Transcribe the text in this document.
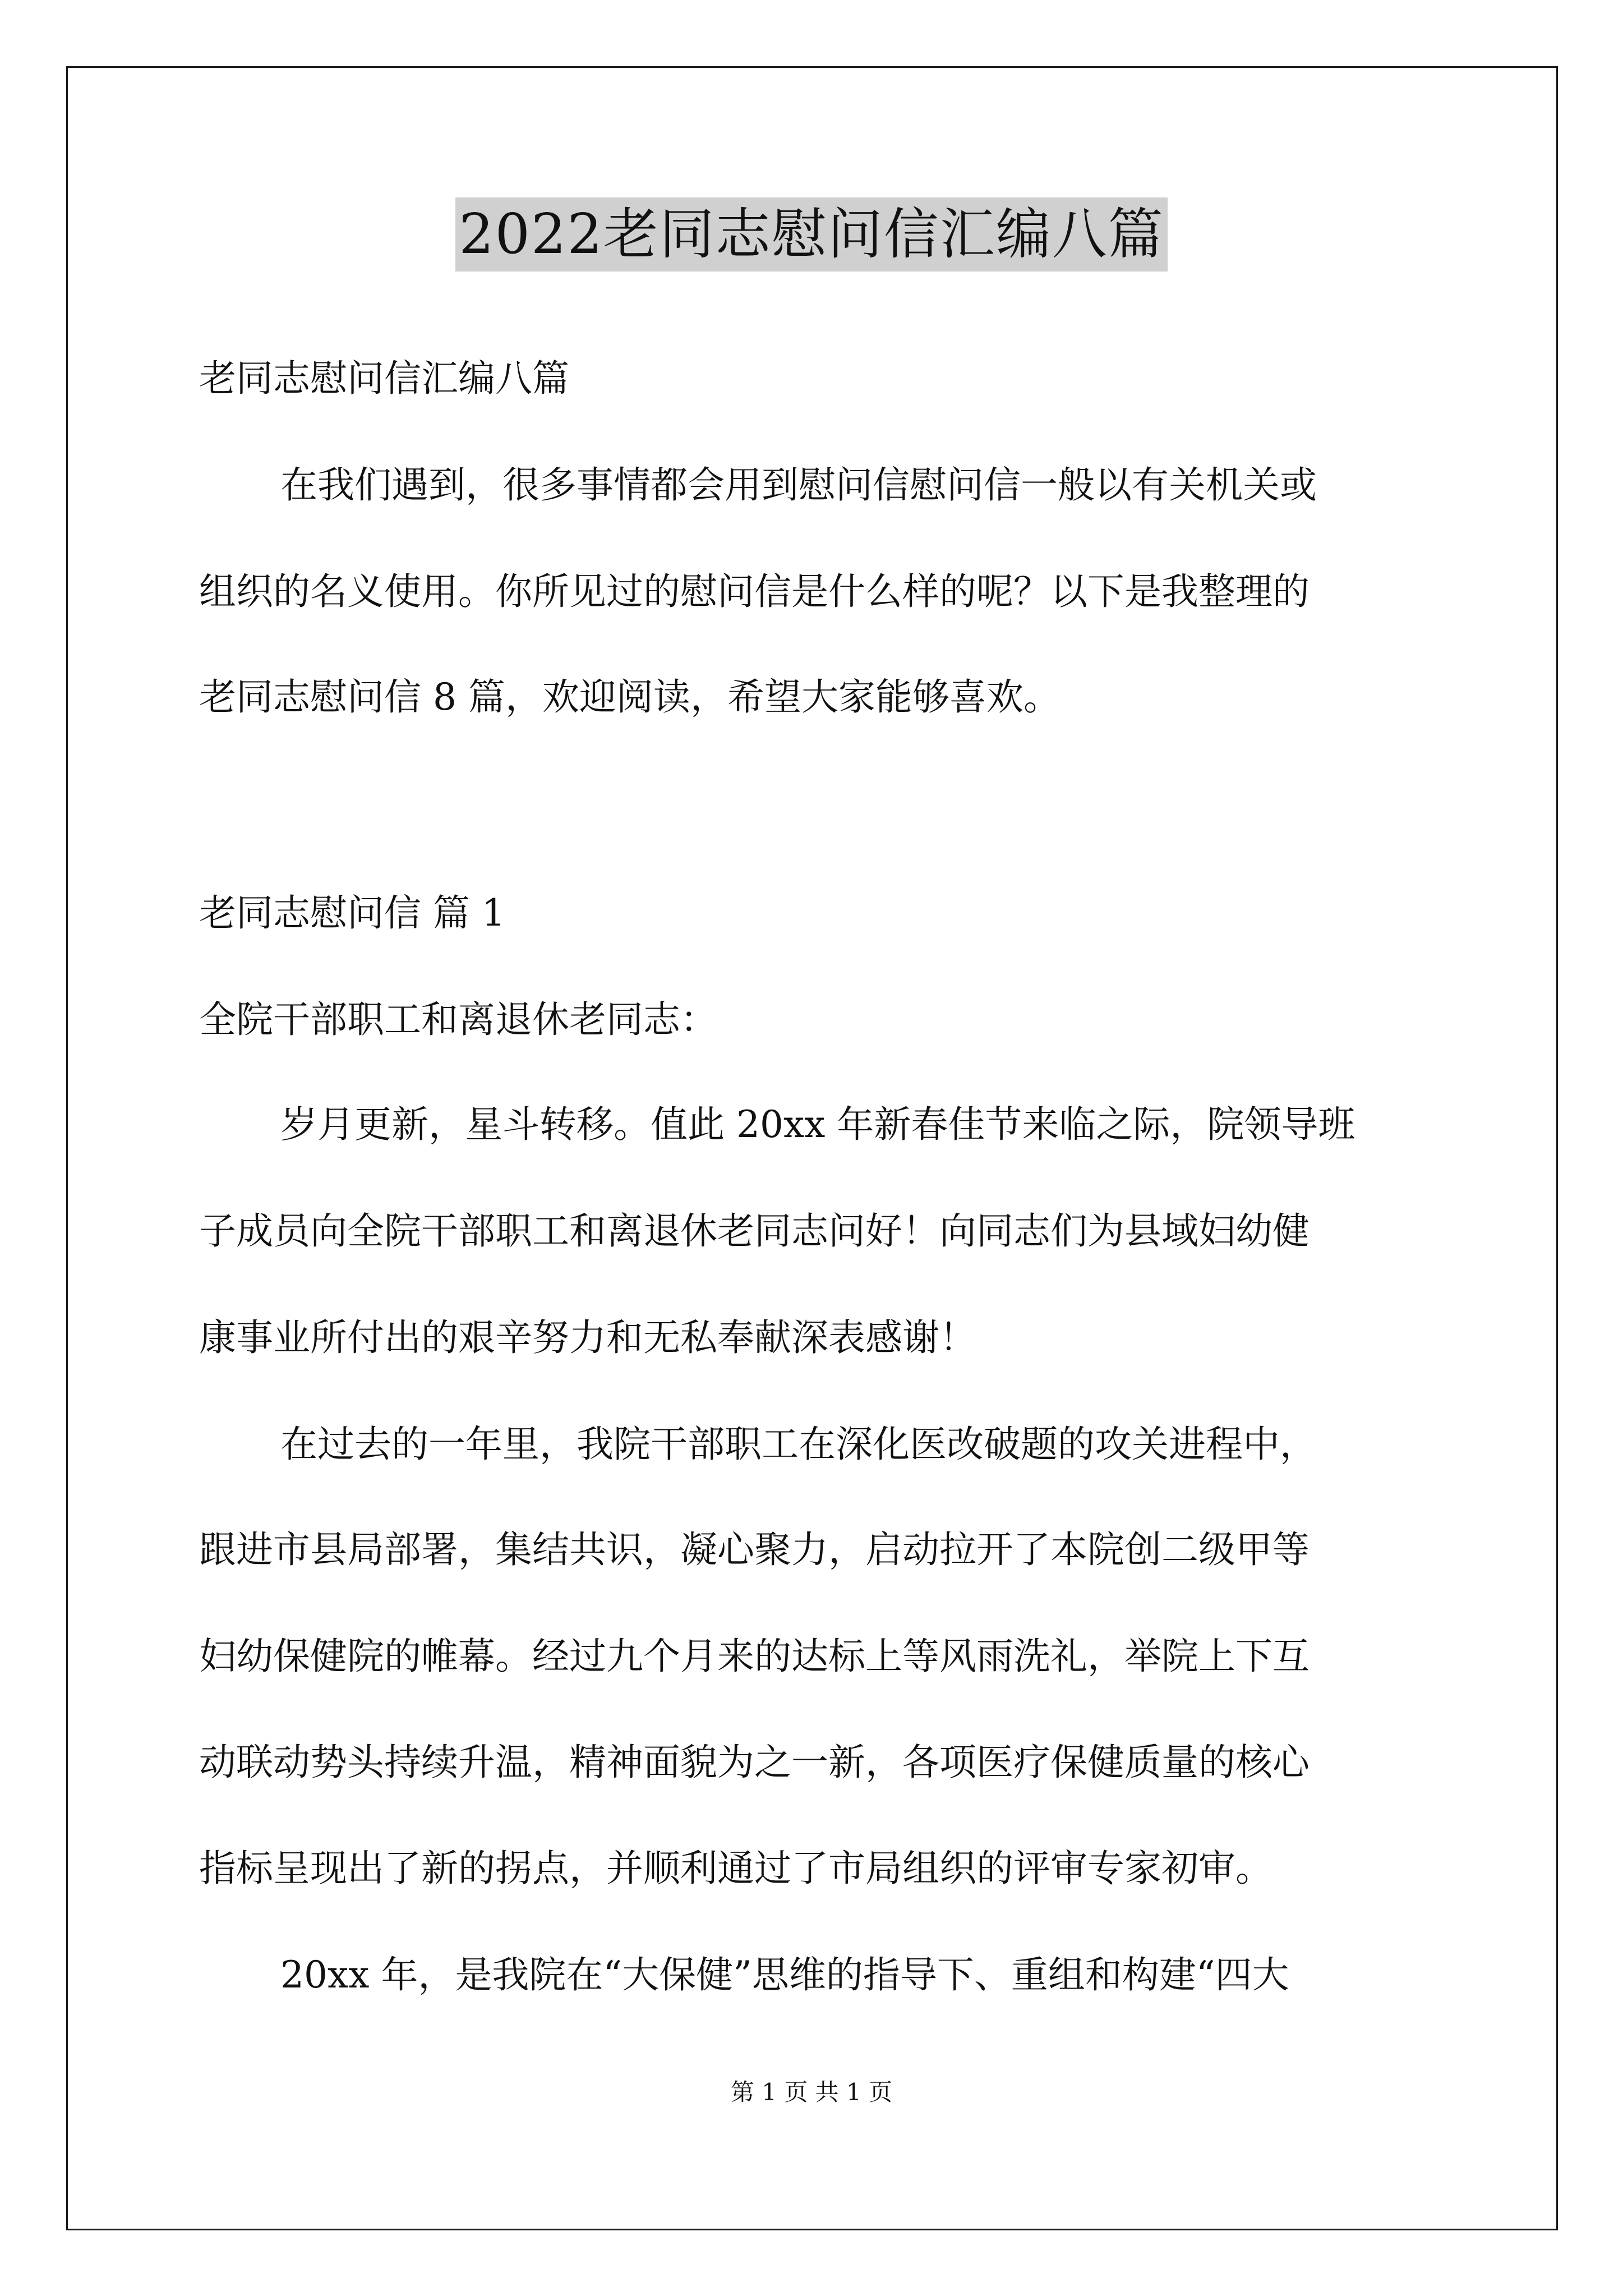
2022老同志慰问信汇编八篇
老同志慰问信汇编八篇
在我们遇到，很多事情都会用到慰问信慰问信一般以有关机关或
组织的名义使用。你所见过的慰问信是什么样的呢？以下是我整理的
老同志慰问信 8 篇，欢迎阅读，希望大家能够喜欢。
老同志慰问信 篇 1
全院干部职工和离退休老同志：
岁月更新，星斗转移。值此 20xx 年新春佳节来临之际，院领导班
子成员向全院干部职工和离退休老同志问好！向同志们为县域妇幼健
康事业所付出的艰辛努力和无私奉献深表感谢！
在过去的一年里，我院干部职工在深化医改破题的攻关进程中，
跟进市县局部署，集结共识，凝心聚力，启动拉开了本院创二级甲等
妇幼保健院的帷幕。经过九个月来的达标上等风雨洗礼，举院上下互
动联动势头持续升温，精神面貌为之一新，各项医疗保健质量的核心
指标呈现出了新的拐点，并顺利通过了市局组织的评审专家初审。
20xx 年，是我院在“大保健”思维的指导下、重组和构建“四大
第 1 页 共 1 页
